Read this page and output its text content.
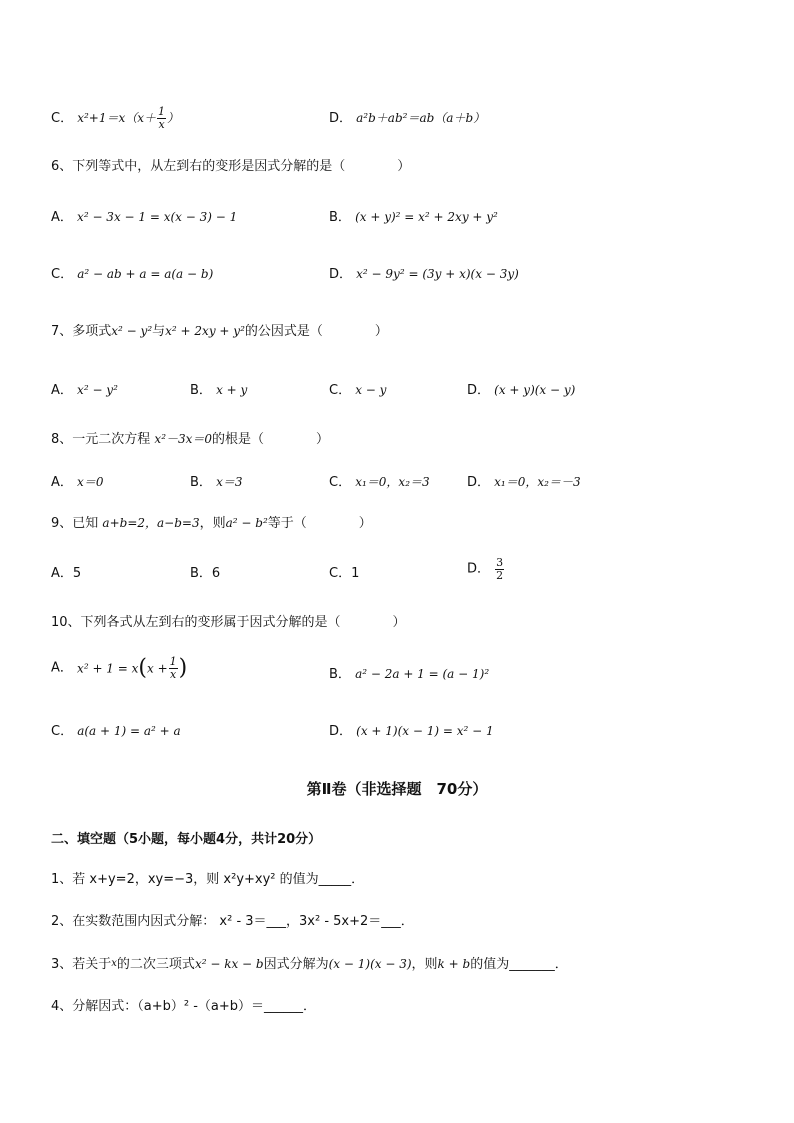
C． $x^2+1=x(x+ \frac{1}{x}$ ）	D． a²b＋ab²＝ab（a＋b）
6、下列等式中，从左到右的变形是因式分解的是（　　　　）
A． x² − 3x − 1 = x(x − 3) − 1	B． (x + y)² = x² + 2xy + y²
C． a² − ab + a = a(a − b)	D． x² − 9y² = (3y + x)(x − 3y)
7、多项式x² − y²与x² + 2xy + y²的公因式是（　　　　）
A． x² − y²	B． x + y	C． x − y	D． (x + y)(x − y)
8、一元二次方程 x²－3x＝0的根是（　　　　）
A． x＝0	B． x＝3	C． x₁＝0，x₂＝3	D． x₁＝0，x₂＝－3
9、已知 a+b=2，a−b=3，则a² − b²等于（　　　　）
A．5	B．6	C．1	D． $\frac{3}{2}$
10、下列各式从左到右的变形属于因式分解的是（　　　　）
A． $x^2 + 1 = x(x + \frac{1}{x}$ )	B． a² − 2a + 1 = (a − 1)²
C． a(a + 1) = a² + a	D． (x + 1)(x − 1) = x² − 1
第Ⅱ卷（非选择题　70分）
二、填空题（5小题，每小题4分，共计20分）
1、若 x+y=2，xy=−3，则 x²y+xy² 的值为_____．
2、在实数范围内因式分解： x² - 3＝___，3x² - 5x+2＝___．
3、若关于$^x$的二次三项式x² − kx − b因式分解为(x − 1)(x − 3)，则k + b的值为_______．
4、分解因式：（a+b）² -（a+b）＝______．
